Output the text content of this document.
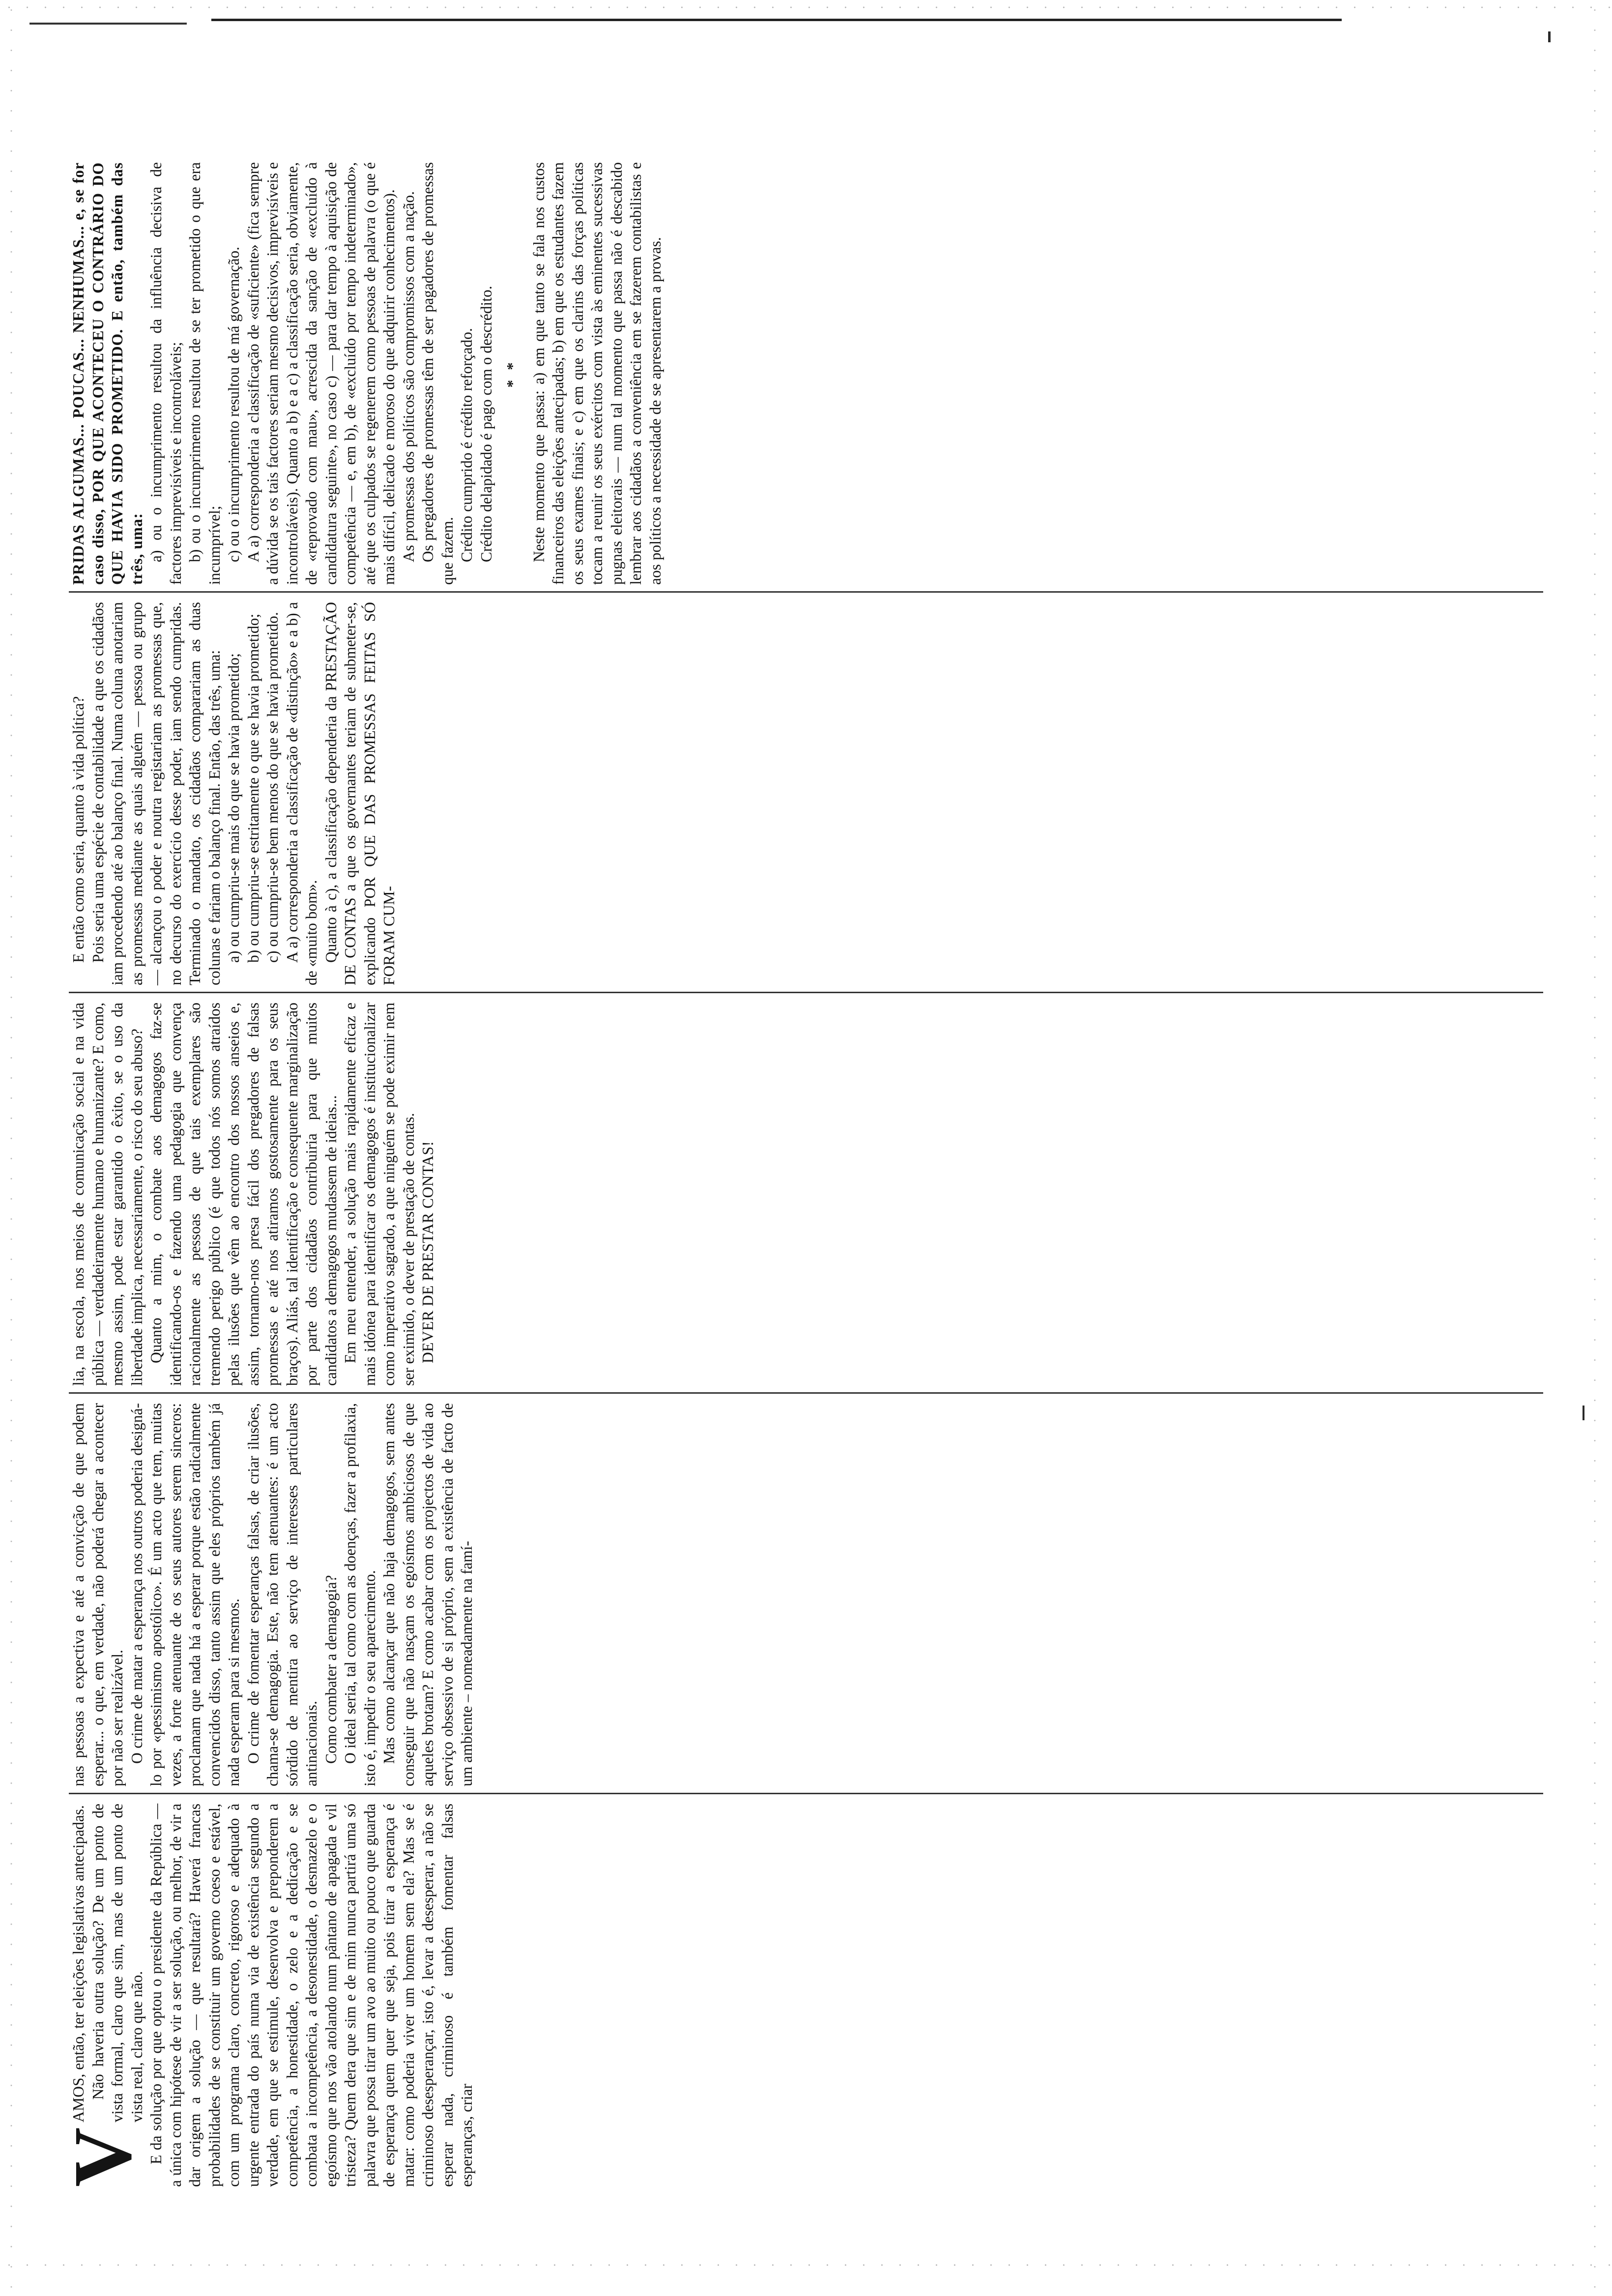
V

AMOS, então, ter eleições legislativas antecipadas. Não haveria outra solução? De um ponto de vista formal, claro que sim, mas de um ponto de vista real, claro que não. E da solução por que optou o presidente da República — a única com hipótese de vir a ser solução, ou melhor, de vir a dar origem a solução — que resultará? Haverá francas probabilidades de se constituir um governo coeso e estável, com um programa claro, concreto, rigoroso e adequado à urgente entrada do país numa via de existência segundo a verdade, em que se estimule, desenvolva e preponderem a competência, a honestidade, o zelo e a dedicação e se combata a incompetência, a desonestidade, o desmazelo e o egoísmo que nos vão atolando num pântano de apagada e vil tristeza? Quem dera que sim e de mim nunca partirá uma só palavra que possa tirar um avo ao muito ou pouco que guarda de esperança quem quer que seja, pois tirar a esperança é matar: como poderia viver um homem sem ela? Mas se é criminoso desesperançar, isto é, levar a desesperar, a não se esperar nada, criminoso é também fomentar falsas esperanças, criar

nas pessoas a expectiva e até a convicção de que podem esperar... o que, em verdade, não poderá chegar a acontecer por não ser realizável. O crime de matar a esperança nos outros poderia designá-lo por «pessimismo apostólico». É um acto que tem, muitas vezes, a forte atenuante de os seus autores serem sinceros: proclamam que nada há a esperar porque estão radicalmente convencidos disso, tanto assim que eles próprios também já nada esperam para si mesmos. O crime de fomentar esperanças falsas, de criar ilusões, chama-se demagogia. Este, não tem atenuantes: é um acto sórdido de mentira ao serviço de interesses particulares antinacionais. Como combater a demagogia? O ideal seria, tal como com as doenças, fazer a profilaxia, isto é, impedir o seu aparecimento. Mas como alcançar que não haja demagogos, sem antes conseguir que não nasçam os egoísmos ambiciosos de que aqueles brotam? E como acabar com os projectos de vida ao serviço obsessivo de si próprio, sem a existência de facto de um ambiente – nomeadamente na famí-

lia, na escola, nos meios de comunicação social e na vida pública — verdadeiramente humano e humanizante? E como, mesmo assim, pode estar garantido o êxito, se o uso da liberdade implica, necessariamente, o risco do seu abuso? Quanto a mim, o combate aos demagogos faz-se identificando-os e fazendo uma pedagogia que convença racionalmente as pessoas de que tais exemplares são tremendo perigo público (é que todos nós somos atraídos pelas ilusões que vêm ao encontro dos nossos anseios e, assim, tornamo-nos presa fácil dos pregadores de falsas promessas e até nos atiramos gostosamente para os seus braços). Aliás, tal identificação e consequente marginalização por parte dos cidadãos contribuiria para que muitos candidatos a demagogos mudassem de ideias... Em meu entender, a solução mais rapidamente eficaz e mais idónea para identificar os demagogos é institucionalizar como imperativo sagrado, a que ninguém se pode eximir nem ser eximido, o dever de prestação de contas. DEVER DE PRESTAR CONTAS!

E então como seria, quanto à vida política? Pois seria uma espécie de contabilidade a que os cidadãos iam procedendo até ao balanço final. Numa coluna anotariam as promessas mediante as quais alguém — pessoa ou grupo — alcançou o poder e noutra registariam as promessas que, no decurso do exercício desse poder, iam sendo cumpridas. Terminado o mandato, os cidadãos comparariam as duas colunas e fariam o balanço final. Então, das três, uma: a) ou cumpriu-se mais do que se havia prometido; b) ou cumpriu-se estritamente o que se havia prometido; c) ou cumpriu-se bem menos do que se havia prometido. A a) corresponderia a classificação de «distinção» e a b) a de «muito bom». Quanto à c), a classificação dependeria da PRESTAÇÃO DE CONTAS a que os governantes teriam de submeter-se, explicando POR QUE DAS PROMESSAS FEITAS SÓ FORAM CUM-

PRIDAS ALGUMAS... POUCAS... NENHUMAS... e, se for caso disso, POR QUE ACONTECEU O CONTRÁRIO DO QUE HAVIA SIDO PROMETIDO. E então, também das três, uma: a) ou o incumprimento resultou da influência decisiva de factores imprevisíveis e incontroláveis; b) ou o incumprimento resultou de se ter prometido o que era incumprível; c) ou o incumprimento resultou de má governação. A a) corresponderia a classificação de «suficiente» (fica sempre a dúvida se os tais factores seriam mesmo decisivos, imprevisíveis e incontroláveis). Quanto a b) e a c) a classificação seria, obviamente, de «reprovado com mau», acrescida da sanção de «excluído à candidatura seguinte», no caso c) — para dar tempo à aquisição de competência — e, em b), de «excluído por tempo indeterminado», até que os culpados se regenerem como pessoas de palavra (o que é mais difícil, delicado e moroso do que adquirir conhecimentos). As promessas dos políticos são compromissos com a nação. Os pregadores de promessas têm de ser pagadores de promessas que fazem. Crédito cumprido é crédito reforçado. Crédito delapidado é pago com o descrédito. * * Neste momento que passa: a) em que tanto se fala nos custos financeiros das eleições antecipadas; b) em que os estudantes fazem os seus exames finais; e c) em que os clarins das forças políticas tocam a reunir os seus exércitos com vista às eminentes sucessivas pugnas eleitorais — num tal momento que passa não é descabido lembrar aos cidadãos a conveniência em se fazerem contabilistas e aos políticos a necessidade de se apresentarem a provas.
